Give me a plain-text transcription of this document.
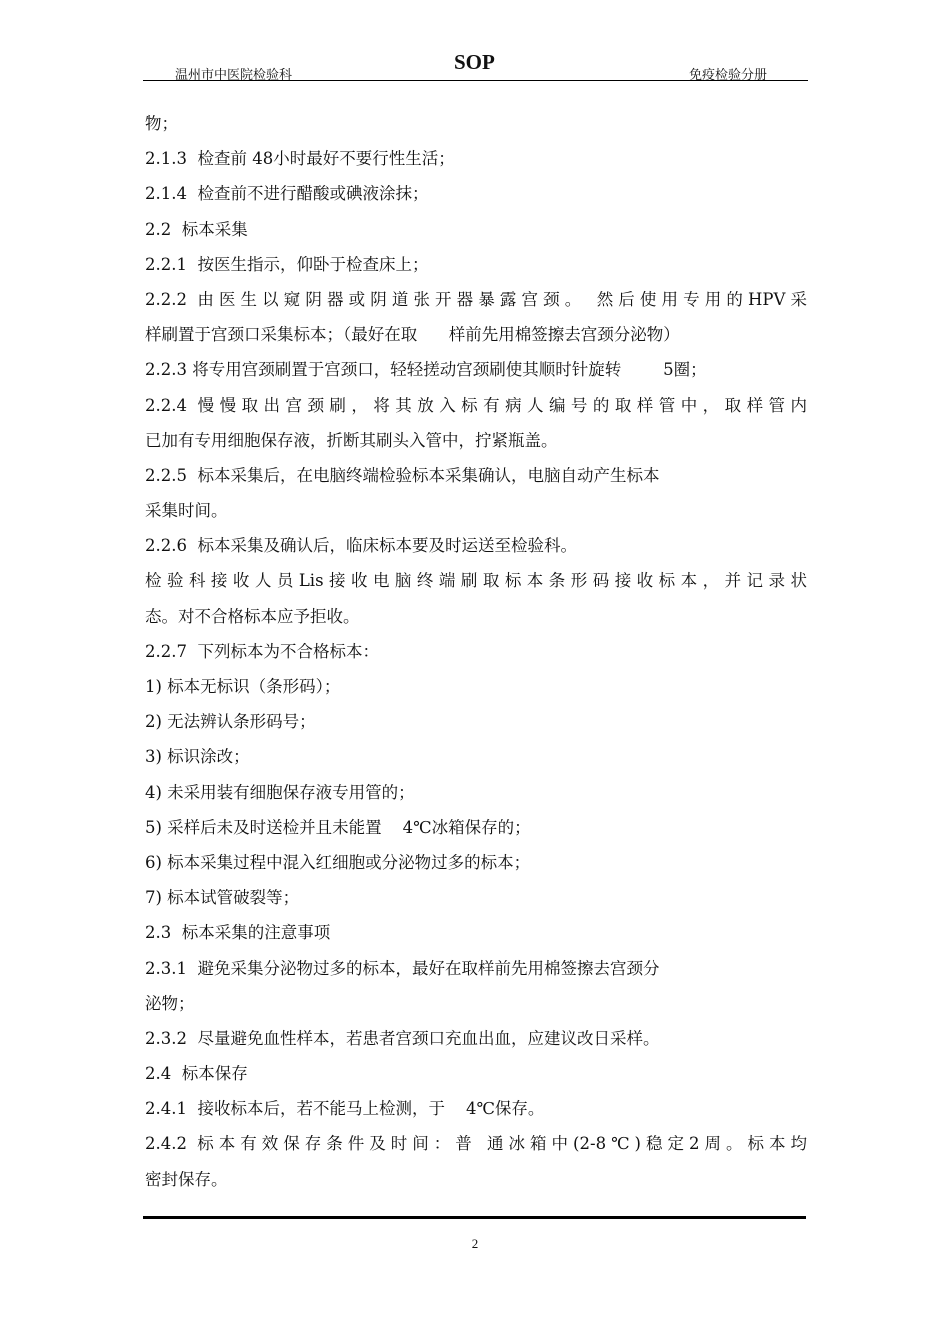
温州市中医院检验科
SOP
免疫检验分册
物；
2.1.3  检查前 48小时最好不要行性生活；
2.1.4  检查前不进行醋酸或碘液涂抹；
2.2  标本采集
2.2.1  按医生指示，仰卧于检查床上；
2.2.2 由医生以窥阴器或阴道张开器暴露宫颈。 然后使用专用的HPV采
样刷置于宫颈口采集标本；（最好在取      样前先用棉签擦去宫颈分泌物）
2.2.3 将专用宫颈刷置于宫颈口，轻轻搓动宫颈刷使其顺时针旋转        5圈；
2.2.4 慢慢取出宫颈刷，将其放入标有病人编号的取样管中，取样管内
已加有专用细胞保存液，折断其刷头入管中，拧紧瓶盖。
2.2.5  标本采集后，在电脑终端检验标本采集确认，电脑自动产生标本
采集时间。
2.2.6  标本采集及确认后，临床标本要及时运送至检验科。
检验科接收人员Lis接收电脑终端刷取标本条形码接收标本，并记录状
态。对不合格标本应予拒收。
2.2.7  下列标本为不合格标本：
1) 标本无标识（条形码）；
2) 无法辨认条形码号；
3) 标识涂改；
4) 未采用装有细胞保存液专用管的；
5) 采样后未及时送检并且未能置    4℃冰箱保存的；
6) 标本采集过程中混入红细胞或分泌物过多的标本；
7) 标本试管破裂等；
2.3  标本采集的注意事项
2.3.1  避免采集分泌物过多的标本，最好在取样前先用棉签擦去宫颈分
泌物；
2.3.2  尽量避免血性样本，若患者宫颈口充血出血，应建议改日采样。
2.4  标本保存
2.4.1  接收标本后，若不能马上检测，于    4℃保存。
2.4.2 标本有效保存条件及时间：普 通冰箱中(2-8℃)稳定2周。标本均
密封保存。
2
